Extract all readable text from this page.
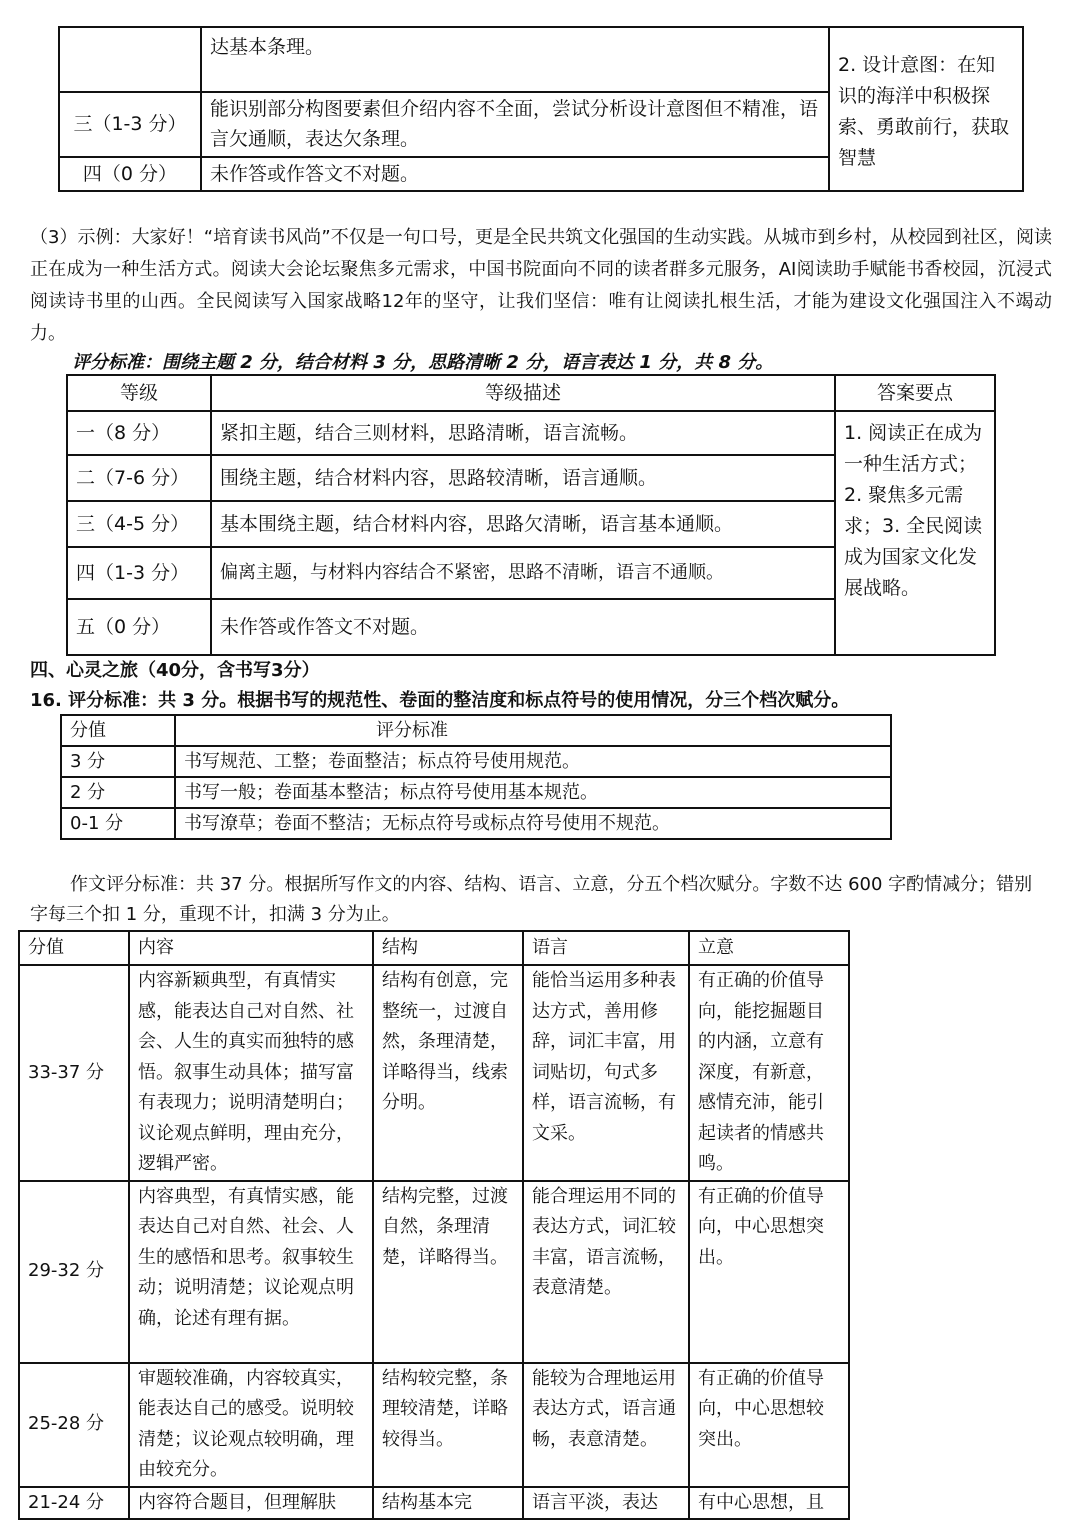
	达基本条理。	2. 设计意图：在知识的海洋中积极探索、勇敢前行，获取智慧
三（1-3 分）	能识别部分构图要素但介绍内容不全面，尝试分析设计意图但不精准，语言欠通顺，表达欠条理。	
四（0 分）	未作答或作答文不对题。	
（3）示例：大家好！“培育读书风尚”不仅是一句口号，更是全民共筑文化强国的生动实践。从城市到乡村，从校园到社区，阅读正在成为一种生活方式。阅读大会论坛聚焦多元需求，中国书院面向不同的读者群多元服务，AI阅读助手赋能书香校园，沉浸式阅读诗书里的山西。全民阅读写入国家战略12年的坚守，让我们坚信：唯有让阅读扎根生活，才能为建设文化强国注入不竭动力。
评分标准：围绕主题 2 分，结合材料 3 分，思路清晰 2 分，语言表达 1 分，共 8 分。
等级	等级描述	答案要点
一（8 分）	紧扣主题，结合三则材料，思路清晰，语言流畅。	1. 阅读正在成为一种生活方式；2. 聚焦多元需求；3. 全民阅读成为国家文化发展战略。
二（7-6 分）	围绕主题，结合材料内容，思路较清晰，语言通顺。	
三（4-5 分）	基本围绕主题，结合材料内容，思路欠清晰，语言基本通顺。	
四（1-3 分）	偏离主题，与材料内容结合不紧密，思路不清晰，语言不通顺。	
五（0 分）	未作答或作答文不对题。	
四、心灵之旅（40分，含书写3分）
16. 评分标准：共 3 分。根据书写的规范性、卷面的整洁度和标点符号的使用情况，分三个档次赋分。
分值	评分标准
3 分	书写规范、工整；卷面整洁；标点符号使用规范。
2 分	书写一般；卷面基本整洁；标点符号使用基本规范。
0-1 分	书写潦草；卷面不整洁；无标点符号或标点符号使用不规范。
作文评分标准：共 37 分。根据所写作文的内容、结构、语言、立意，分五个档次赋分。字数不达 600 字酌情减分；错别字每三个扣 1 分，重现不计，扣满 3 分为止。
分值	内容	结构	语言	立意
33-37 分	内容新颖典型，有真情实感，能表达自己对自然、社会、人生的真实而独特的感悟。叙事生动具体；描写富有表现力；说明清楚明白；议论观点鲜明，理由充分，逻辑严密。	结构有创意，完整统一，过渡自然，条理清楚，详略得当，线索分明。	能恰当运用多种表达方式，善用修辞，词汇丰富，用词贴切，句式多样，语言流畅，有文采。	有正确的价值导向，能挖掘题目的内涵，立意有深度，有新意，感情充沛，能引起读者的情感共鸣。
29-32 分	内容典型，有真情实感，能表达自己对自然、社会、人生的感悟和思考。叙事较生动；说明清楚；议论观点明确，论述有理有据。	结构完整，过渡自然，条理清楚，详略得当。	能合理运用不同的表达方式，词汇较丰富，语言流畅，表意清楚。	有正确的价值导向，中心思想突出。
25-28 分	审题较准确，内容较真实，能表达自己的感受。说明较清楚；议论观点较明确，理由较充分。	结构较完整，条理较清楚，详略较得当。	能较为合理地运用表达方式，语言通畅，表意清楚。	有正确的价值导向，中心思想较突出。
21-24 分	内容符合题目，但理解肤	结构基本完	语言平淡，表达	有中心思想，且
